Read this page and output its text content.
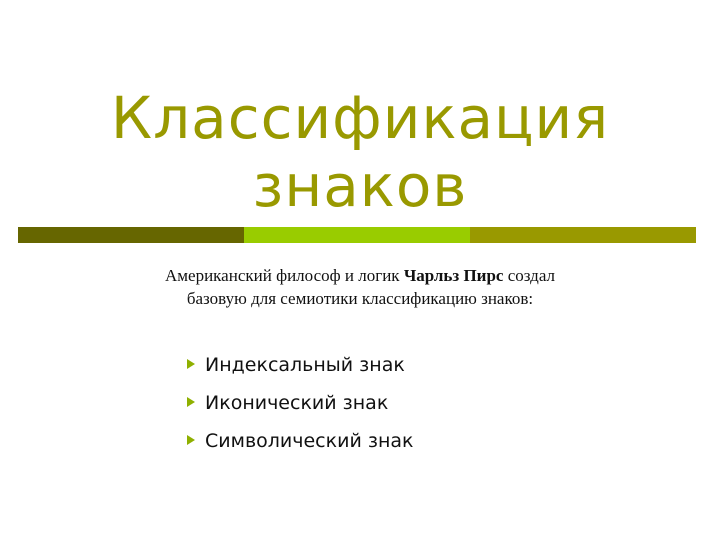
Классификация
знаков
Американский философ и логик Чарльз Пирс создал
базовую для семиотики классификацию знаков:
Индексальный знак
Иконический знак
Символический знак
